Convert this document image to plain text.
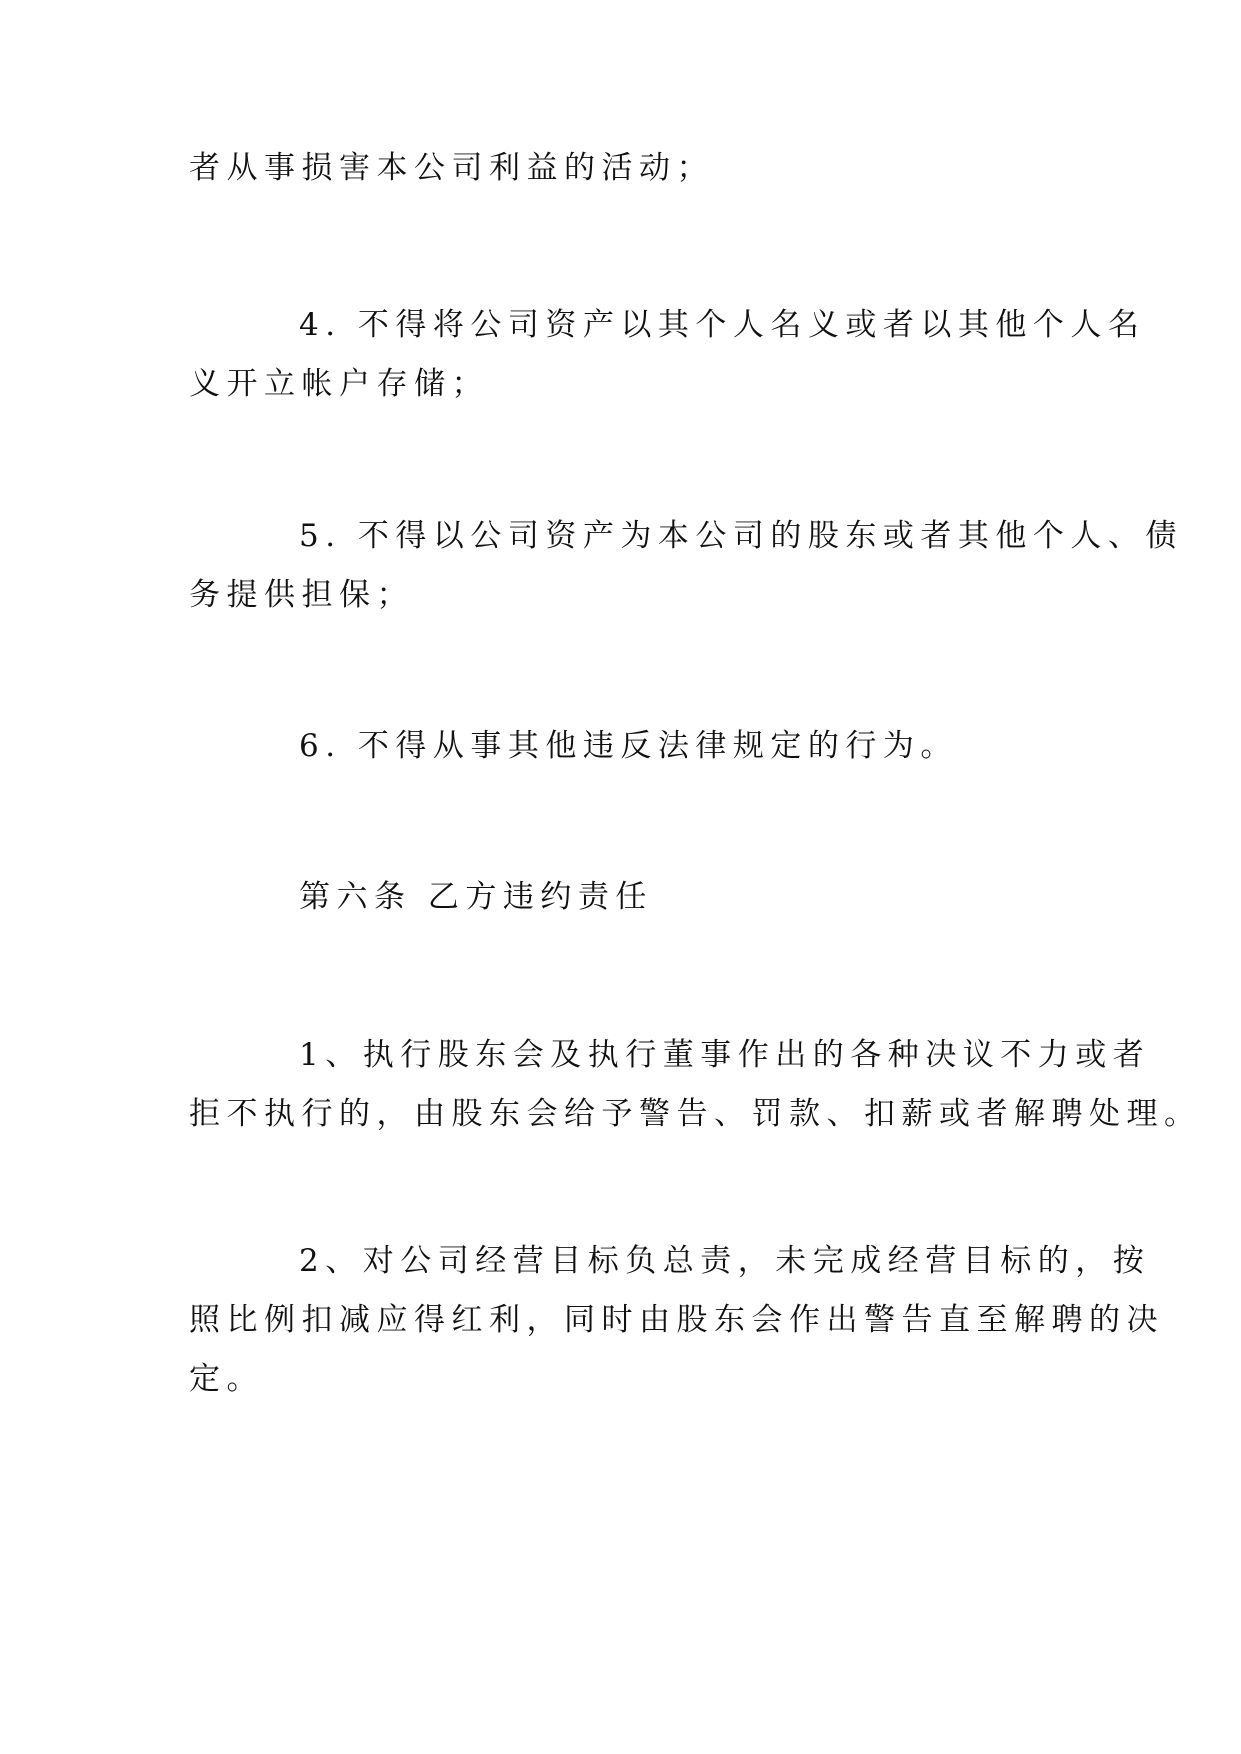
者从事损害本公司利益的活动；
4. 不得将公司资产以其个人名义或者以其他个人名
义开立帐户存储；
5. 不得以公司资产为本公司的股东或者其他个人、债
务提供担保；
6. 不得从事其他违反法律规定的行为。
第六条 乙方违约责任
1、执行股东会及执行董事作出的各种决议不力或者
拒不执行的，由股东会给予警告、罚款、扣薪或者解聘处理。
2、对公司经营目标负总责，未完成经营目标的，按
照比例扣减应得红利，同时由股东会作出警告直至解聘的决
定。
